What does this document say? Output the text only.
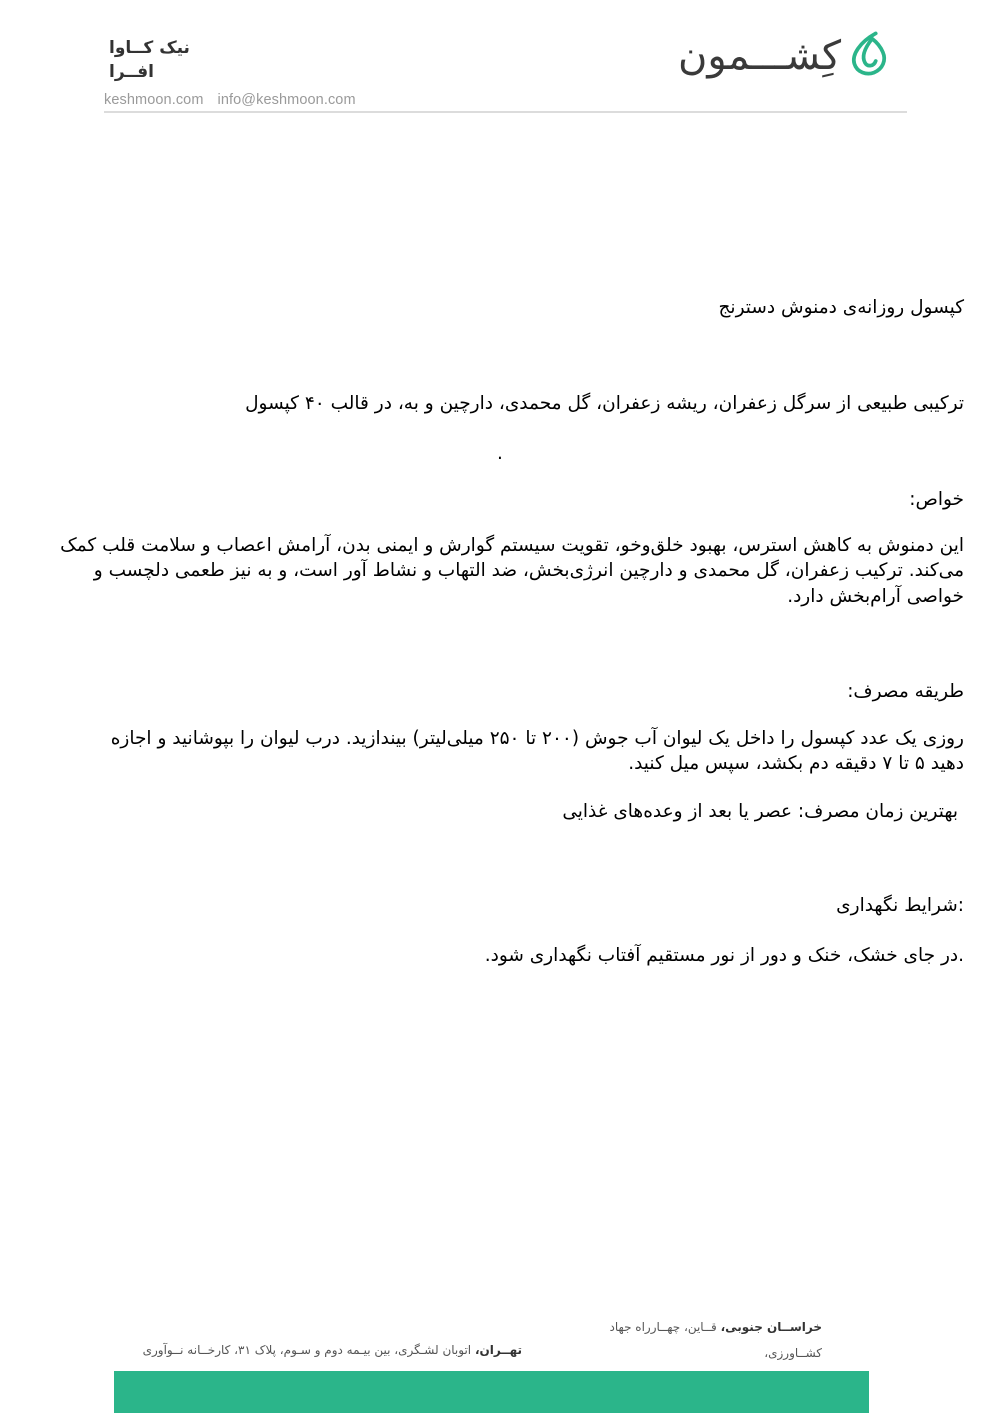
نیک کــاوا افــرا
keshmoon.com info@keshmoon.com
کِشـــمون

کپسول روزانه‌ی دمنوش دسترنج

ترکیبی طبیعی از سرگل زعفران، ریشه زعفران، گل محمدی، دارچین و به، در قالب ۴۰ کپسول

.

خواص:

این دمنوش به کاهش استرس، بهبود خلق‌وخو، تقویت سیستم گوارش و ایمنی بدن، آرامش اعصاب و سلامت قلب کمک می‌کند. ترکیب زعفران، گل محمدی و دارچین انرژی‌بخش، ضد التهاب و نشاط آور است، و به نیز طعمی دلچسب و خواصی آرام‌بخش دارد.

طریقه مصرف:

روزی یک عدد کپسول را داخل یک لیوان آب جوش (۲۰۰ تا ۲۵۰ میلی‌لیتر) بیندازید. درب لیوان را بپوشانید و اجازه دهید ۵ تا ۷ دقیقه دم بکشد، سپس میل کنید.

بهترین زمان مصرف: عصر یا بعد از وعده‌های غذایی

:شرایط نگهداری

.در جای خشک، خنک و دور از نور مستقیم آفتاب نگهداری شود.

خراســان جنوبی، قــاین، چهــارراه جهاد کشــاورزی،
تهــران، اتوبان لشـگری، بین بیـمه دوم و سـوم، پلاک ۳۱، کارخــانه نــوآوری
